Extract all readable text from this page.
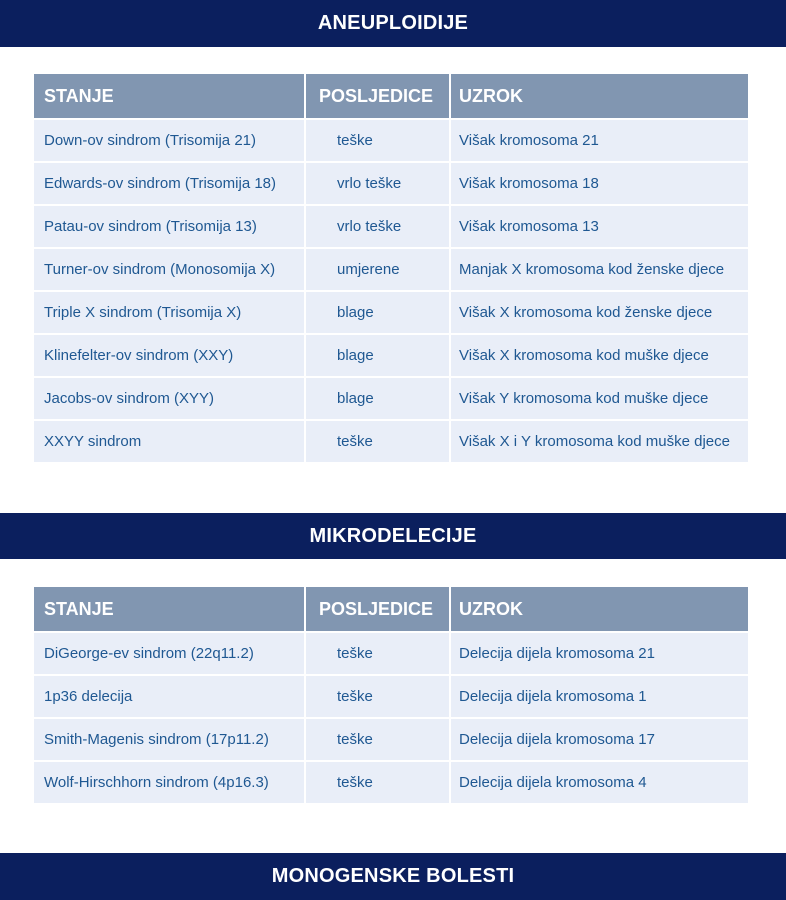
ANEUPLOIDIJE
STANJE	POSLJEDICE	UZROK
Down-ov sindrom (Trisomija 21)	teške	Višak kromosoma 21
Edwards-ov sindrom (Trisomija 18)	vrlo teške	Višak kromosoma 18
Patau-ov sindrom (Trisomija 13)	vrlo teške	Višak kromosoma 13
Turner-ov sindrom (Monosomija X)	umjerene	Manjak X kromosoma kod ženske djece
Triple X sindrom (Trisomija X)	blage	Višak X kromosoma kod ženske djece
Klinefelter-ov sindrom (XXY)	blage	Višak X kromosoma kod muške djece
Jacobs-ov sindrom (XYY)	blage	Višak Y kromosoma kod muške djece
XXYY sindrom	teške	Višak X i Y kromosoma kod muške djece
MIKRODELECIJE
STANJE	POSLJEDICE	UZROK
DiGeorge-ev sindrom (22q11.2)	teške	Delecija dijela kromosoma 21
1p36 delecija	teške	Delecija dijela kromosoma 1
Smith-Magenis sindrom (17p11.2)	teške	Delecija dijela kromosoma 17
Wolf-Hirschhorn sindrom (4p16.3)	teške	Delecija dijela kromosoma 4
MONOGENSKE BOLESTI
